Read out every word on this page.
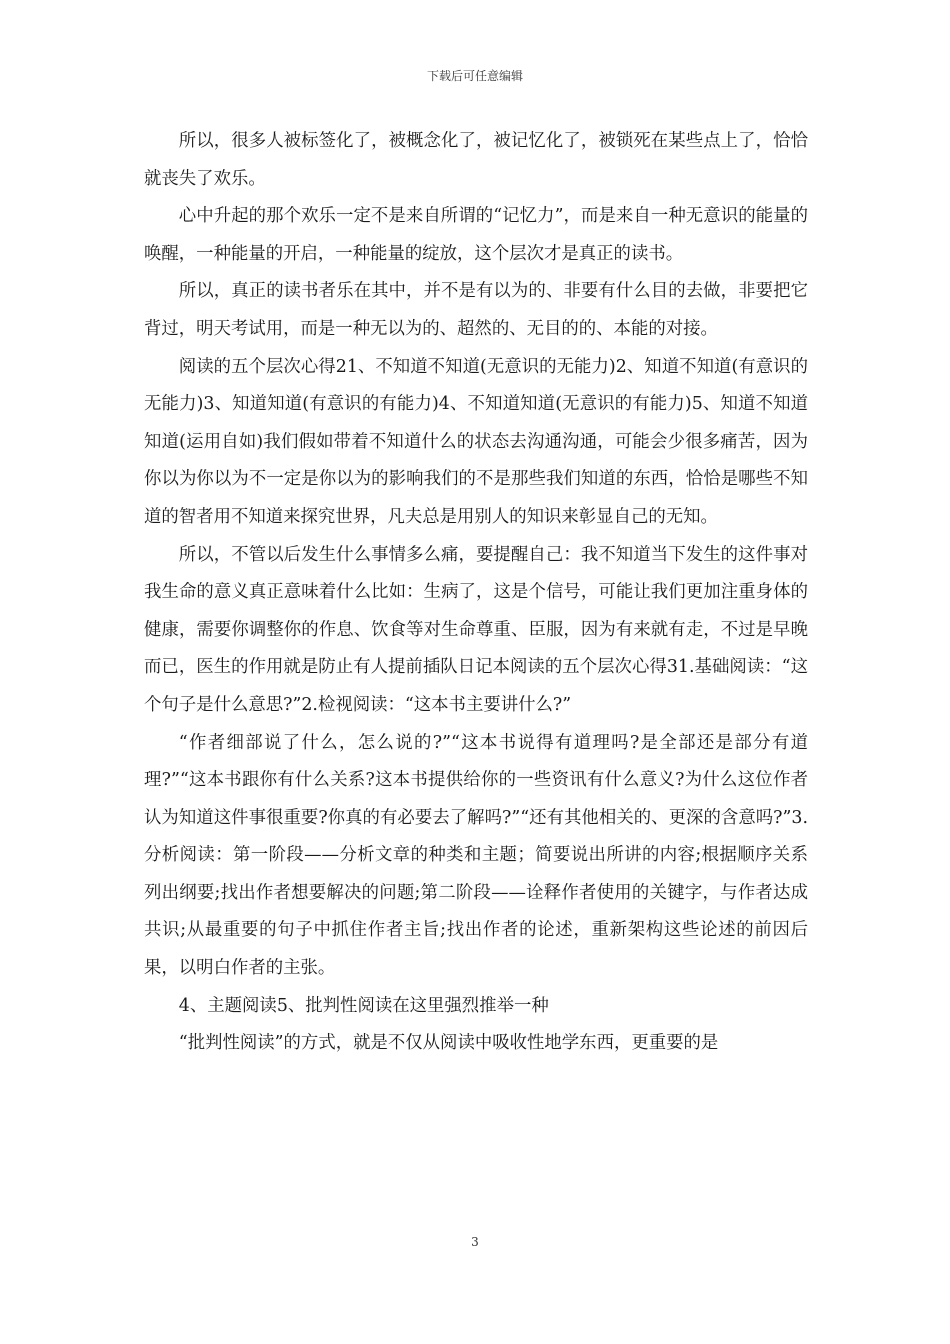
下载后可任意编辑

所以，很多人被标签化了，被概念化了，被记忆化了，被锁死在某些点上了，恰恰就丧失了欢乐。

心中升起的那个欢乐一定不是来自所谓的“记忆力”，而是来自一种无意识的能量的唤醒，一种能量的开启，一种能量的绽放，这个层次才是真正的读书。

所以，真正的读书者乐在其中，并不是有以为的、非要有什么目的去做，非要把它背过，明天考试用，而是一种无以为的、超然的、无目的的、本能的对接。

阅读的五个层次心得21、不知道不知道(无意识的无能力)2、知道不知道(有意识的无能力)3、知道知道(有意识的有能力)4、不知道知道(无意识的有能力)5、知道不知道知道(运用自如)我们假如带着不知道什么的状态去沟通沟通，可能会少很多痛苦，因为你以为你以为不一定是你以为的影响我们的不是那些我们知道的东西，恰恰是哪些不知道的智者用不知道来探究世界，凡夫总是用别人的知识来彰显自己的无知。

所以，不管以后发生什么事情多么痛，要提醒自己：我不知道当下发生的这件事对我生命的意义真正意味着什么比如：生病了，这是个信号，可能让我们更加注重身体的健康，需要你调整你的作息、饮食等对生命尊重、臣服，因为有来就有走，不过是早晚而已，医生的作用就是防止有人提前插队日记本阅读的五个层次心得31.基础阅读：“这个句子是什么意思?”2.检视阅读：“这本书主要讲什么?”

“作者细部说了什么，怎么说的?”“这本书说得有道理吗?是全部还是部分有道理?”“这本书跟你有什么关系?这本书提供给你的一些资讯有什么意义?为什么这位作者认为知道这件事很重要?你真的有必要去了解吗?”“还有其他相关的、更深的含意吗?”3.分析阅读：第一阶段——分析文章的种类和主题；简要说出所讲的内容;根据顺序关系列出纲要;找出作者想要解决的问题;第二阶段——诠释作者使用的关键字，与作者达成共识;从最重要的句子中抓住作者主旨;找出作者的论述，重新架构这些论述的前因后果，以明白作者的主张。

4、主题阅读5、批判性阅读在这里强烈推举一种

“批判性阅读”的方式，就是不仅从阅读中吸收性地学东西，更重要的是

3
